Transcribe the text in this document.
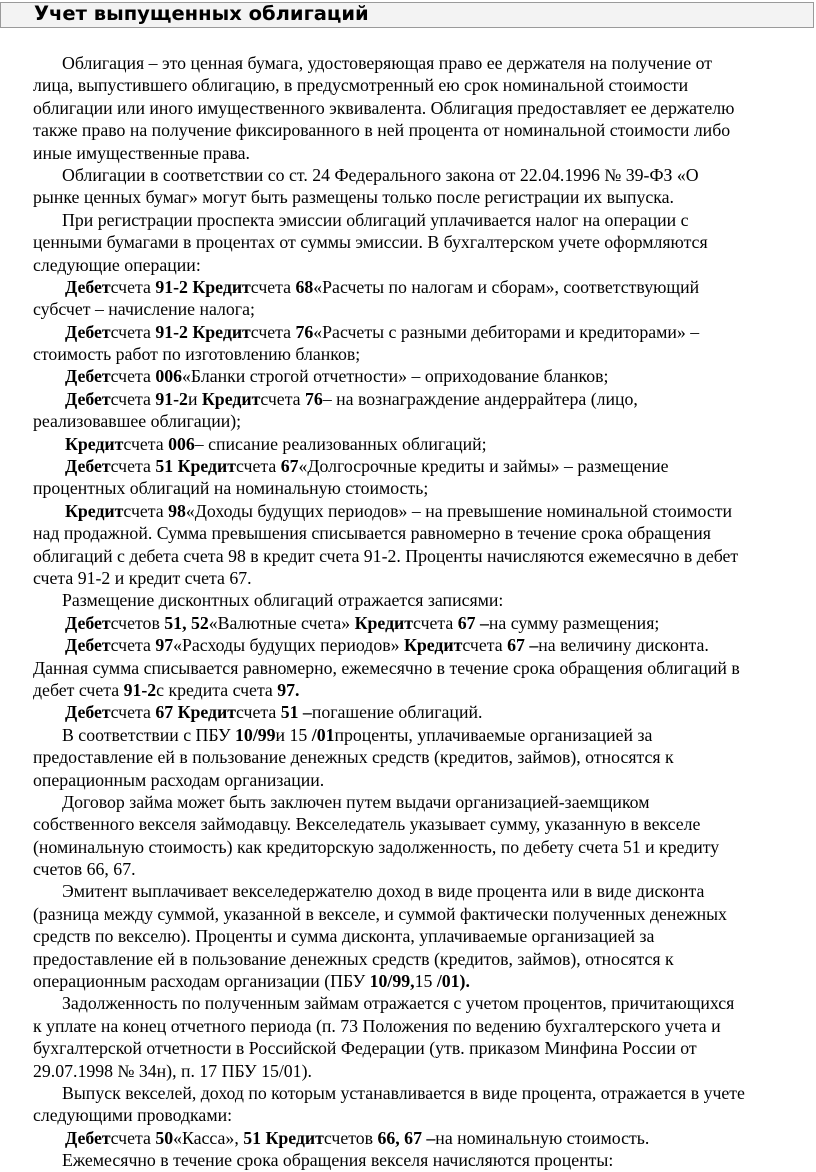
Учет выпущенных облигаций
Облигация – это ценная бумага, удостоверяющая право ее держателя на получение от
лица, выпустившего облигацию, в предусмотренный ею срок номинальной стоимости
облигации или иного имущественного эквивалента. Облигация предоставляет ее держателю
также право на получение фиксированного в ней процента от номинальной стоимости либо
иные имущественные права.
Облигации в соответствии со ст. 24 Федерального закона от 22.04.1996 № 39-ФЗ «О
рынке ценных бумаг» могут быть размещены только после регистрации их выпуска.
При регистрации проспекта эмиссии облигаций уплачивается налог на операции с
ценными бумагами в процентах от суммы эмиссии. В бухгалтерском учете оформляются
следующие операции:
Дебетсчета 91-2 Кредитсчета 68«Расчеты по налогам и сборам», соответствующий
субсчет – начисление налога;
Дебетсчета 91-2 Кредитсчета 76«Расчеты с разными дебиторами и кредиторами» –
стоимость работ по изготовлению бланков;
Дебетсчета 006«Бланки строгой отчетности» – оприходование бланков;
Дебетсчета 91-2и Кредитсчета 76– на вознаграждение андеррайтера (лицо,
реализовавшее облигации);
Кредитсчета 006– списание реализованных облигаций;
Дебетсчета 51 Кредитсчета 67«Долгосрочные кредиты и займы» – размещение
процентных облигаций на номинальную стоимость;
Кредитсчета 98«Доходы будущих периодов» – на превышение номинальной стоимости
над продажной. Сумма превышения списывается равномерно в течение срока обращения
облигаций с дебета счета 98 в кредит счета 91-2. Проценты начисляются ежемесячно в дебет
счета 91-2 и кредит счета 67.
Размещение дисконтных облигаций отражается записями:
Дебетсчетов 51, 52«Валютные счета» Кредитсчета 67 –на сумму размещения;
Дебетсчета 97«Расходы будущих периодов» Кредитсчета 67 –на величину дисконта.
Данная сумма списывается равномерно, ежемесячно в течение срока обращения облигаций в
дебет счета 91-2с кредита счета 97.
Дебетсчета 67 Кредитсчета 51 –погашение облигаций.
В соответствии с ПБУ 10/99и 15 /01проценты, уплачиваемые организацией за
предоставление ей в пользование денежных средств (кредитов, займов), относятся к
операционным расходам организации.
Договор займа может быть заключен путем выдачи организацией-заемщиком
собственного векселя займодавцу. Векселедатель указывает сумму, указанную в векселе
(номинальную стоимость) как кредиторскую задолженность, по дебету счета 51 и кредиту
счетов 66, 67.
Эмитент выплачивает векселедержателю доход в виде процента или в виде дисконта
(разница между суммой, указанной в векселе, и суммой фактически полученных денежных
средств по векселю). Проценты и сумма дисконта, уплачиваемые организацией за
предоставление ей в пользование денежных средств (кредитов, займов), относятся к
операционным расходам организации (ПБУ 10/99,15 /01).
Задолженность по полученным займам отражается с учетом процентов, причитающихся
к уплате на конец отчетного периода (п. 73 Положения по ведению бухгалтерского учета и
бухгалтерской отчетности в Российской Федерации (утв. приказом Минфина России от
29.07.1998 № 34н), п. 17 ПБУ 15/01).
Выпуск векселей, доход по которым устанавливается в виде процента, отражается в учете
следующими проводками:
Дебетсчета 50«Касса», 51 Кредитсчетов 66, 67 –на номинальную стоимость.
Ежемесячно в течение срока обращения векселя начисляются проценты:
